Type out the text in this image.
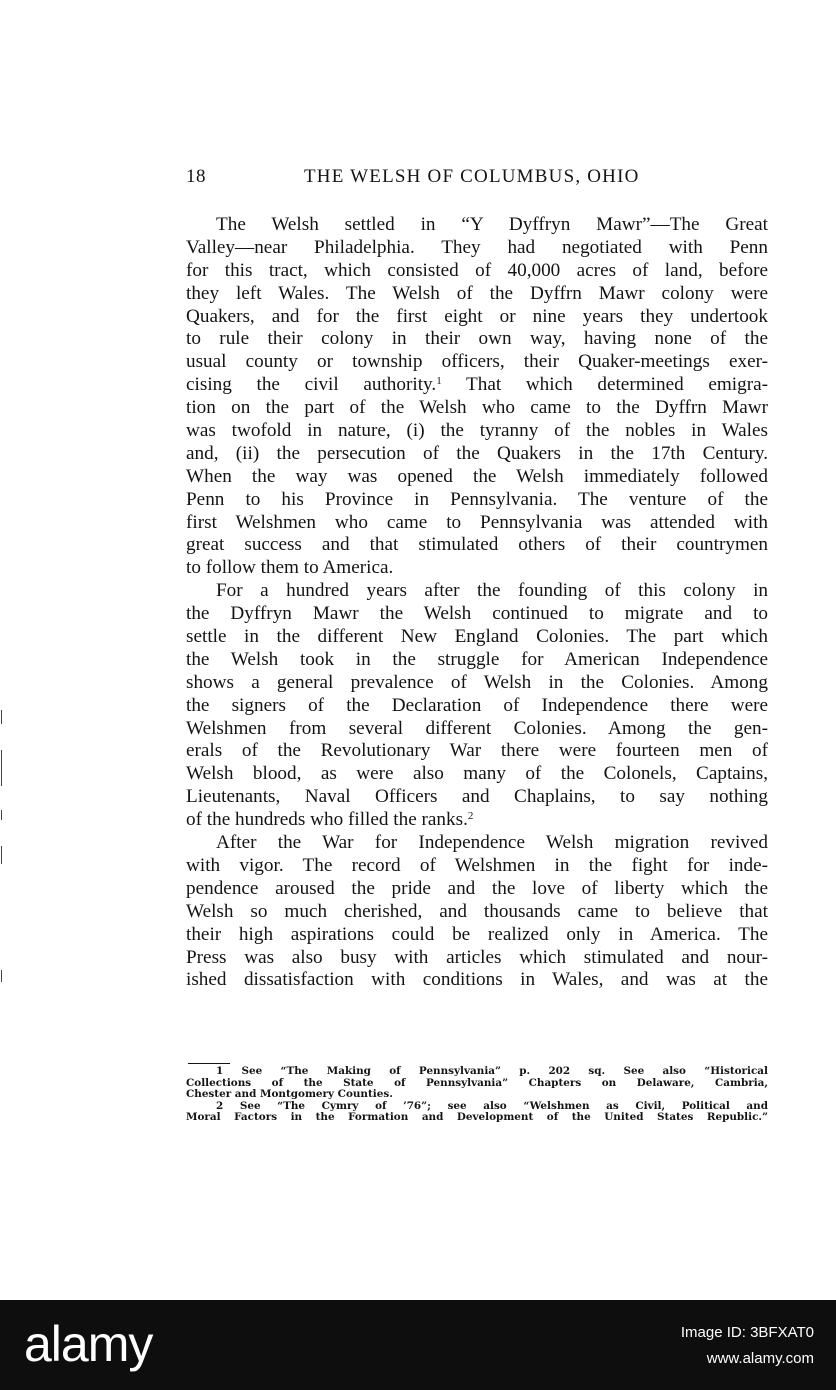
18	THE WELSH OF COLUMBUS, OHIO
The Welsh settled in “Y Dyffryn Mawr”—The Great
Valley—near Philadelphia. They had negotiated with Penn
for this tract, which consisted of 40,000 acres of land, before
they left Wales. The Welsh of the Dyffrn Mawr colony were
Quakers, and for the first eight or nine years they undertook
to rule their colony in their own way, having none of the
usual county or township officers, their Quaker-meetings exer-
cising the civil authority.$^1$ That which determined emigra-
tion on the part of the Welsh who came to the Dyffrn Mawr
was twofold in nature, (i) the tyranny of the nobles in Wales
and, (ii) the persecution of the Quakers in the 17th Century.
When the way was opened the Welsh immediately followed
Penn to his Province in Pennsylvania. The venture of the
first Welshmen who came to Pennsylvania was attended with
great success and that stimulated others of their countrymen
to follow them to America.
For a hundred years after the founding of this colony in
the Dyffryn Mawr the Welsh continued to migrate and to
settle in the different New England Colonies. The part which
the Welsh took in the struggle for American Independence
shows a general prevalence of Welsh in the Colonies. Among
the signers of the Declaration of Independence there were
Welshmen from several different Colonies. Among the gen-
erals of the Revolutionary War there were fourteen men of
Welsh blood, as were also many of the Colonels, Captains,
Lieutenants, Naval Officers and Chaplains, to say nothing
of the hundreds who filled the ranks.$^2$
After the War for Independence Welsh migration revived
with vigor. The record of Welshmen in the fight for inde-
pendence aroused the pride and the love of liberty which the
Welsh so much cherished, and thousands came to believe that
their high aspirations could be realized only in America. The
Press was also busy with articles which stimulated and nour-
ished dissatisfaction with conditions in Wales, and was at the
1 See “The Making of Pennsylvania” p. 202 sq. See also “Historical
Collections of the State of Pennsylvania” Chapters on Delaware, Cambria,
Chester and Montgomery Counties.
2 See “The Cymry of ’76”; see also “Welshmen as Civil, Political and
Moral Factors in the Formation and Development of the United States Republic.”
alamy	Image ID: 3BFXAT0
www.alamy.com
